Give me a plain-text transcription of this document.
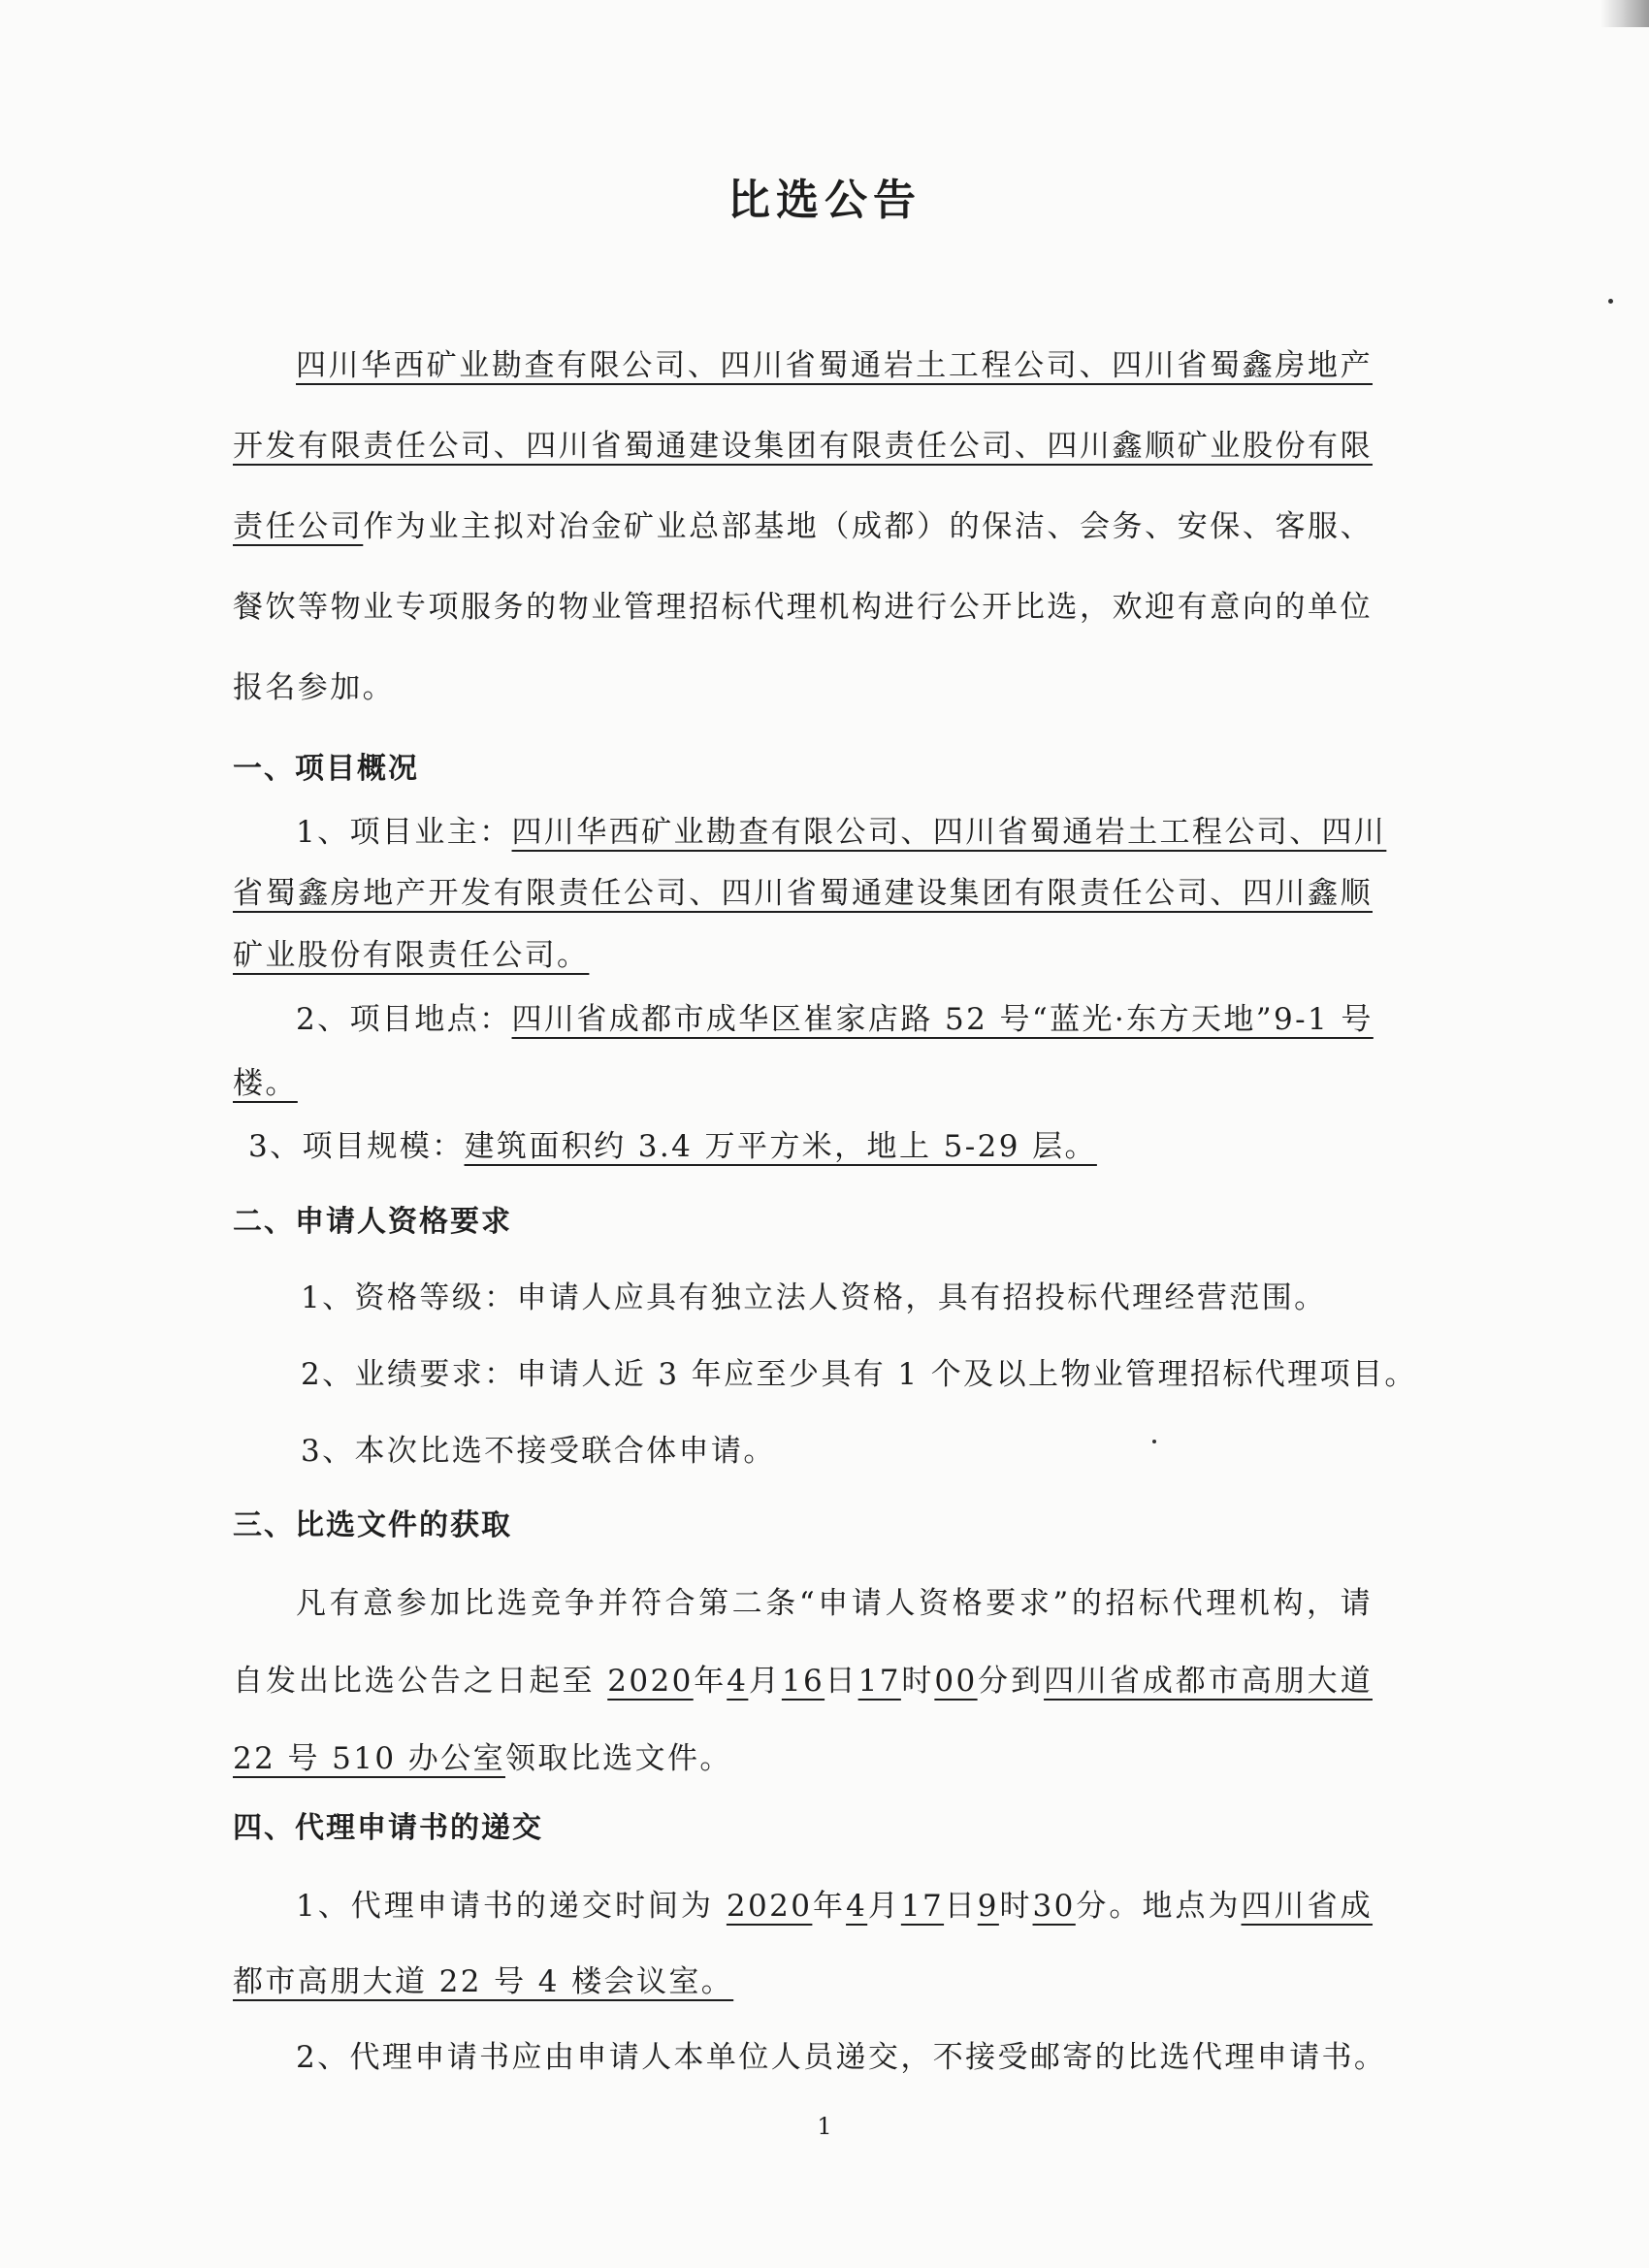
比选公告
四川华西矿业勘查有限公司、四川省蜀通岩土工程公司、四川省蜀鑫房地产
开发有限责任公司、四川省蜀通建设集团有限责任公司、四川鑫顺矿业股份有限
责任公司作为业主拟对冶金矿业总部基地（成都）的保洁、会务、安保、客服、
餐饮等物业专项服务的物业管理招标代理机构进行公开比选，欢迎有意向的单位
报名参加。
一、项目概况
1、项目业主：四川华西矿业勘查有限公司、四川省蜀通岩土工程公司、四川
省蜀鑫房地产开发有限责任公司、四川省蜀通建设集团有限责任公司、四川鑫顺
矿业股份有限责任公司。
2、项目地点：四川省成都市成华区崔家店路 52 号“蓝光·东方天地”9-1 号
楼。
3、项目规模：建筑面积约 3.4 万平方米，地上 5-29 层。
二、申请人资格要求
1、资格等级：申请人应具有独立法人资格，具有招投标代理经营范围。
2、业绩要求：申请人近 3 年应至少具有 1 个及以上物业管理招标代理项目。
3、本次比选不接受联合体申请。
三、比选文件的获取
凡有意参加比选竞争并符合第二条“申请人资格要求”的招标代理机构，请
自发出比选公告之日起至 2020年4月16日17时00分到四川省成都市高朋大道
22 号 510 办公室领取比选文件。
四、代理申请书的递交
1、代理申请书的递交时间为 2020年4月17日9时30分。地点为四川省成
都市高朋大道 22 号 4 楼会议室。
2、代理申请书应由申请人本单位人员递交，不接受邮寄的比选代理申请书。
1
